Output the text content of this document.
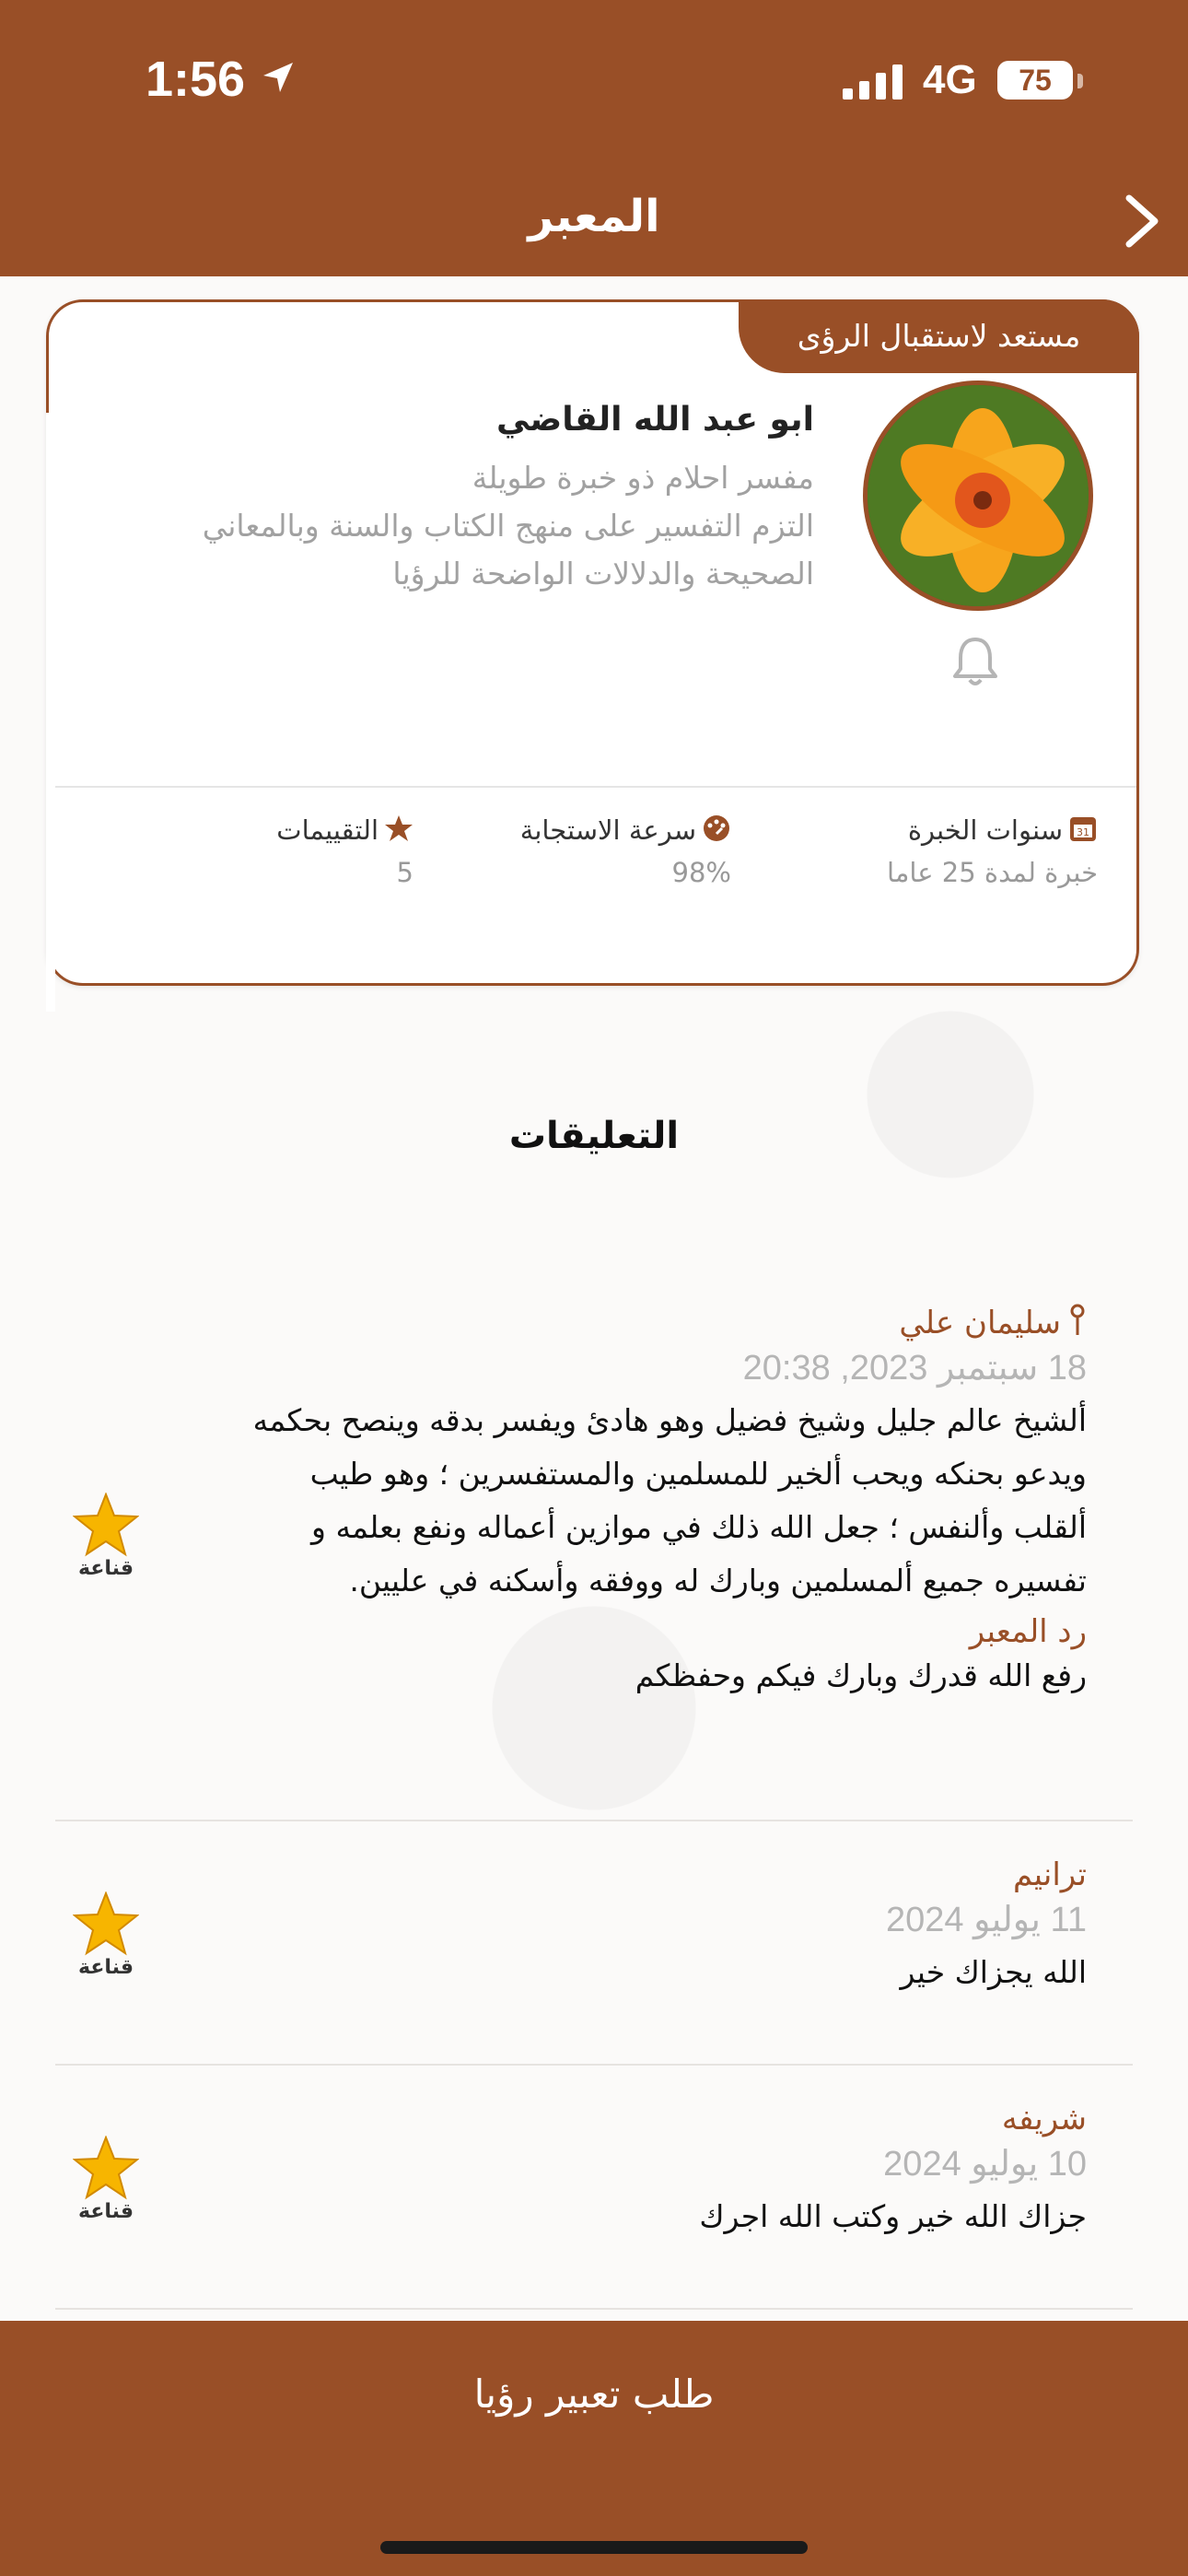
1:56	4G	75
المعبر
مستعد لاستقبال الرؤى
ابو عبد الله القاضي
مفسر احلام ذو خبرة طويلة
التزم التفسير على منهج الكتاب والسنة وبالمعاني الصحيحة والدلالات الواضحة للرؤيا
31
سنوات الخبرة
خبرة لمدة 25 عاما
سرعة الاستجابة
98%
التقييمات
5
التعليقات
سليمان علي
18 سبتمبر 2023, 20:38
ألشيخ عالم جليل وشيخ فضيل وهو هادئ ويفسر بدقه وينصح بحكمه ويدعو بحنكه ويحب ألخير للمسلمين والمستفسرين ؛ وهو طيب ألقلب وألنفس ؛ جعل الله ذلك في موازين أعماله ونفع بعلمه و تفسيره جميع ألمسلمين وبارك له ووفقه وأسكنه في عليين.
رد المعبر
رفع الله قدرك وبارك فيكم وحفظكم
قناعة
ترانيم
11 يوليو 2024
الله يجزاك خير
قناعة
شريفه
10 يوليو 2024
جزاك الله خير وكتب الله اجرك
قناعة
طلب تعبير رؤيا
